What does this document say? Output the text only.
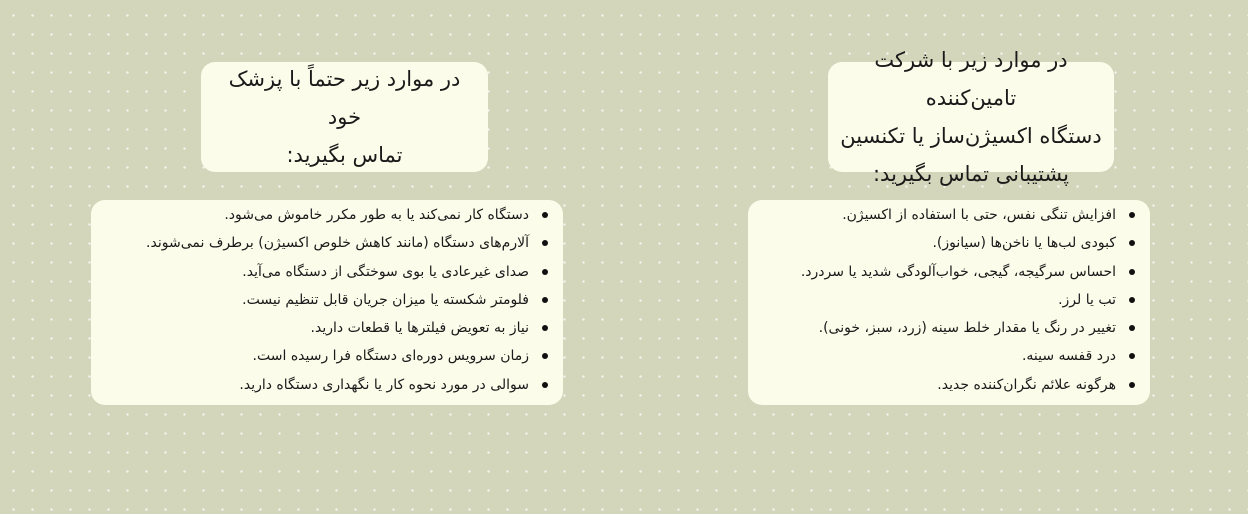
در موارد زیر حتماً با پزشک خود
تماس بگیرید:
در موارد زیر با شرکت تامین‌کننده
دستگاه اکسیژن‌ساز یا تکنسین
پشتیبانی تماس بگیرید:
دستگاه کار نمی‌کند یا به طور مکرر خاموش می‌شود.
آلارم‌های دستگاه (مانند کاهش خلوص اکسیژن) برطرف نمی‌شوند.
صدای غیرعادی یا بوی سوختگی از دستگاه می‌آید.
فلومتر شکسته یا میزان جریان قابل تنظیم نیست.
نیاز به تعویض فیلترها یا قطعات دارید.
زمان سرویس دوره‌ای دستگاه فرا رسیده است.
سوالی در مورد نحوه کار یا نگهداری دستگاه دارید.
افزایش تنگی نفس، حتی با استفاده از اکسیژن.
کبودی لب‌ها یا ناخن‌ها (سیانوز).
احساس سرگیجه، گیجی، خواب‌آلودگی شدید یا سردرد.
تب یا لرز.
تغییر در رنگ یا مقدار خلط سینه (زرد، سبز، خونی).
درد قفسه سینه.
هرگونه علائم نگران‌کننده جدید.
